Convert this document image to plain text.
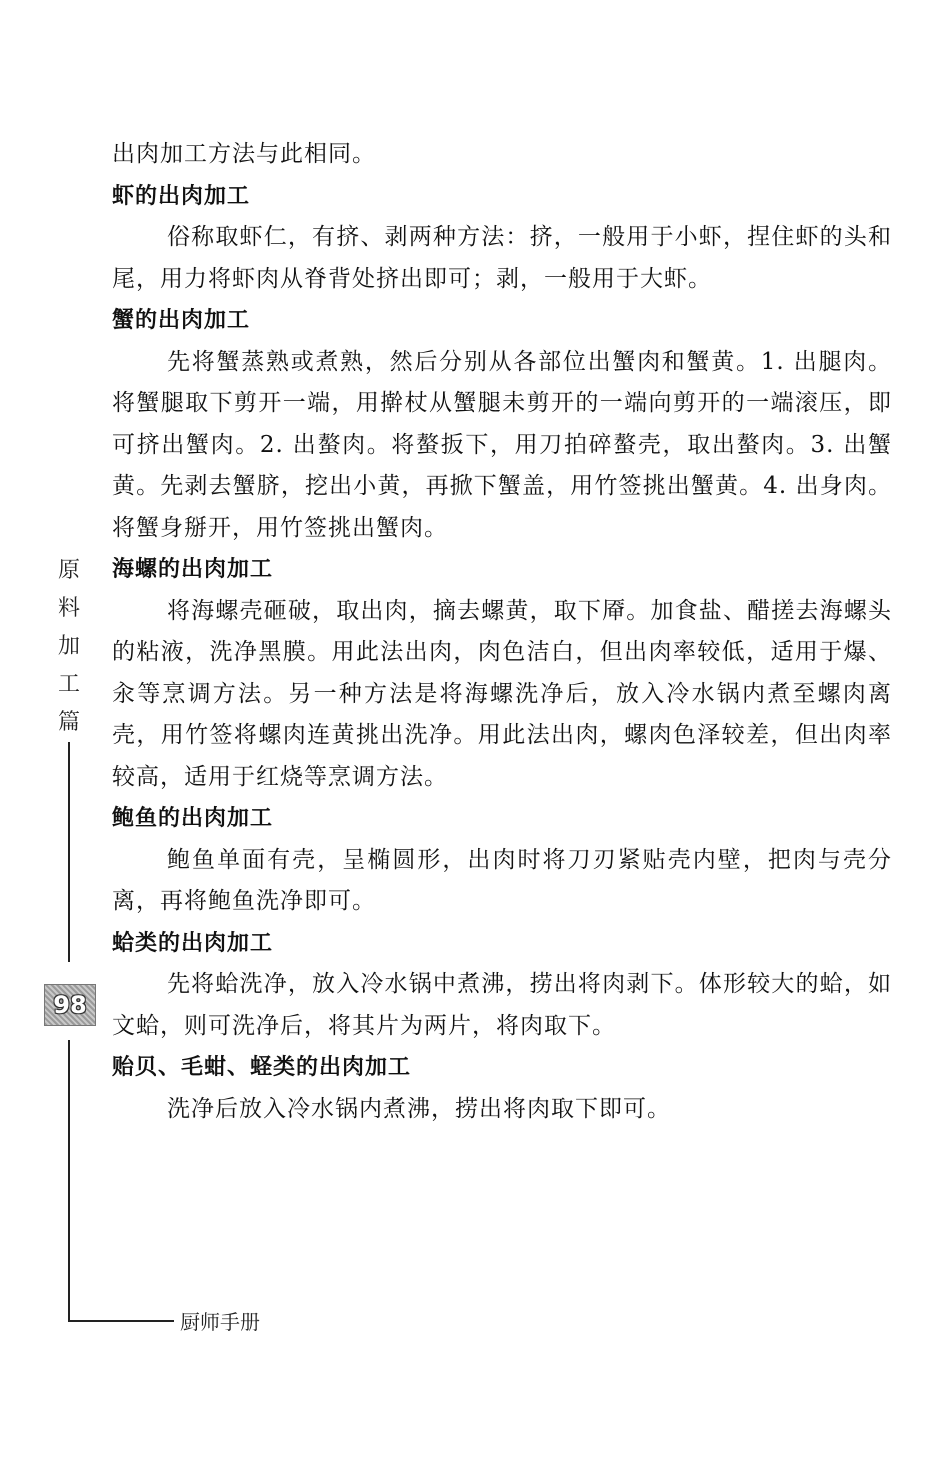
出肉加工方法与此相同。

虾的出肉加工

俗称取虾仁，有挤、剥两种方法：挤，一般用于小虾，捏住虾的头和尾，用力将虾肉从脊背处挤出即可；剥，一般用于大虾。

蟹的出肉加工

先将蟹蒸熟或煮熟，然后分别从各部位出蟹肉和蟹黄。1. 出腿肉。将蟹腿取下剪开一端，用擀杖从蟹腿未剪开的一端向剪开的一端滚压，即可挤出蟹肉。2. 出螯肉。将螯扳下，用刀拍碎螯壳，取出螯肉。3. 出蟹黄。先剥去蟹脐，挖出小黄，再掀下蟹盖，用竹签挑出蟹黄。4. 出身肉。将蟹身掰开，用竹签挑出蟹肉。

海螺的出肉加工

将海螺壳砸破，取出肉，摘去螺黄，取下厣。加食盐、醋搓去海螺头的粘液，洗净黑膜。用此法出肉，肉色洁白，但出肉率较低，适用于爆、汆等烹调方法。另一种方法是将海螺洗净后，放入冷水锅内煮至螺肉离壳，用竹签将螺肉连黄挑出洗净。用此法出肉，螺肉色泽较差，但出肉率较高，适用于红烧等烹调方法。

鲍鱼的出肉加工

鲍鱼单面有壳，呈椭圆形，出肉时将刀刃紧贴壳内壁，把肉与壳分离，再将鲍鱼洗净即可。

蛤类的出肉加工

先将蛤洗净，放入冷水锅中煮沸，捞出将肉剥下。体形较大的蛤，如文蛤，则可洗净后，将其片为两片，将肉取下。

贻贝、毛蚶、蛏类的出肉加工

洗净后放入冷水锅内煮沸，捞出将肉取下即可。

原
料
加
工
篇
98
厨师手册
